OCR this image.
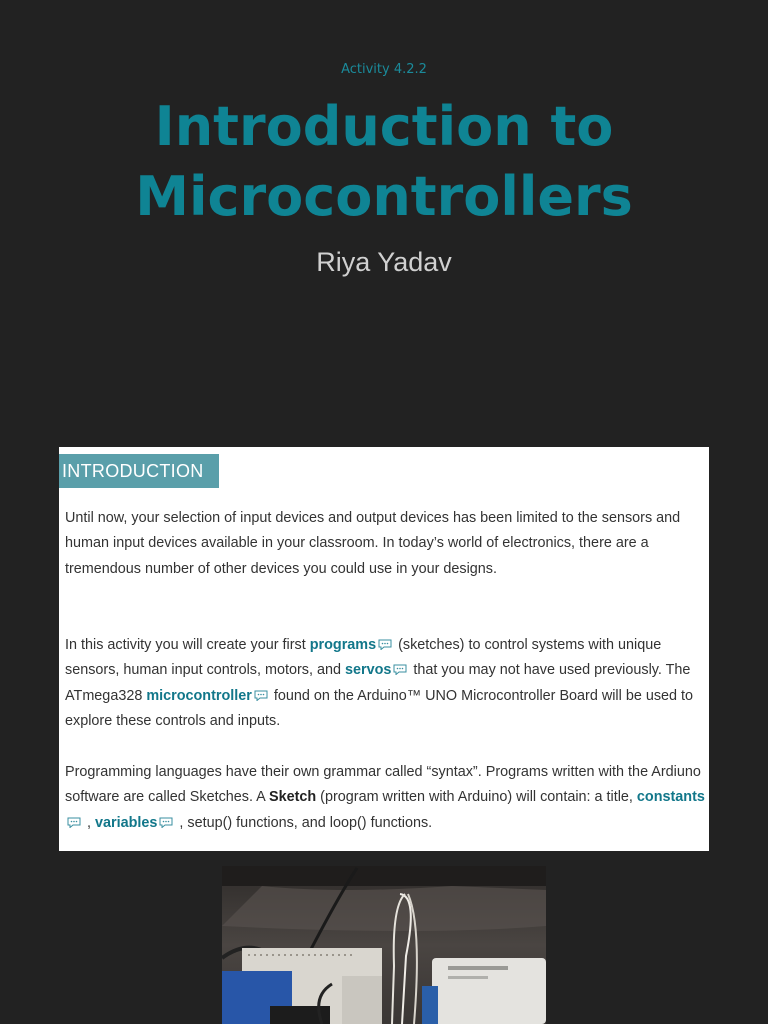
Activity 4.2.2
Introduction to Microcontrollers
Riya Yadav
INTRODUCTION

Until now, your selection of input devices and output devices has been limited to the sensors and human input devices available in your classroom. In today’s world of electronics, there are a tremendous number of other devices you could use in your designs.

In this activity you will create your first programs (sketches) to control systems with unique sensors, human input controls, motors, and servos that you may not have used previously. The ATmega328 microcontroller found on the Arduino™ UNO Microcontroller Board will be used to explore these controls and inputs.

Programming languages have their own grammar called “syntax”. Programs written with the Ardiuno software are called Sketches. A Sketch (program written with Arduino) will contain: a title, constants , variables , setup() functions, and loop() functions.
